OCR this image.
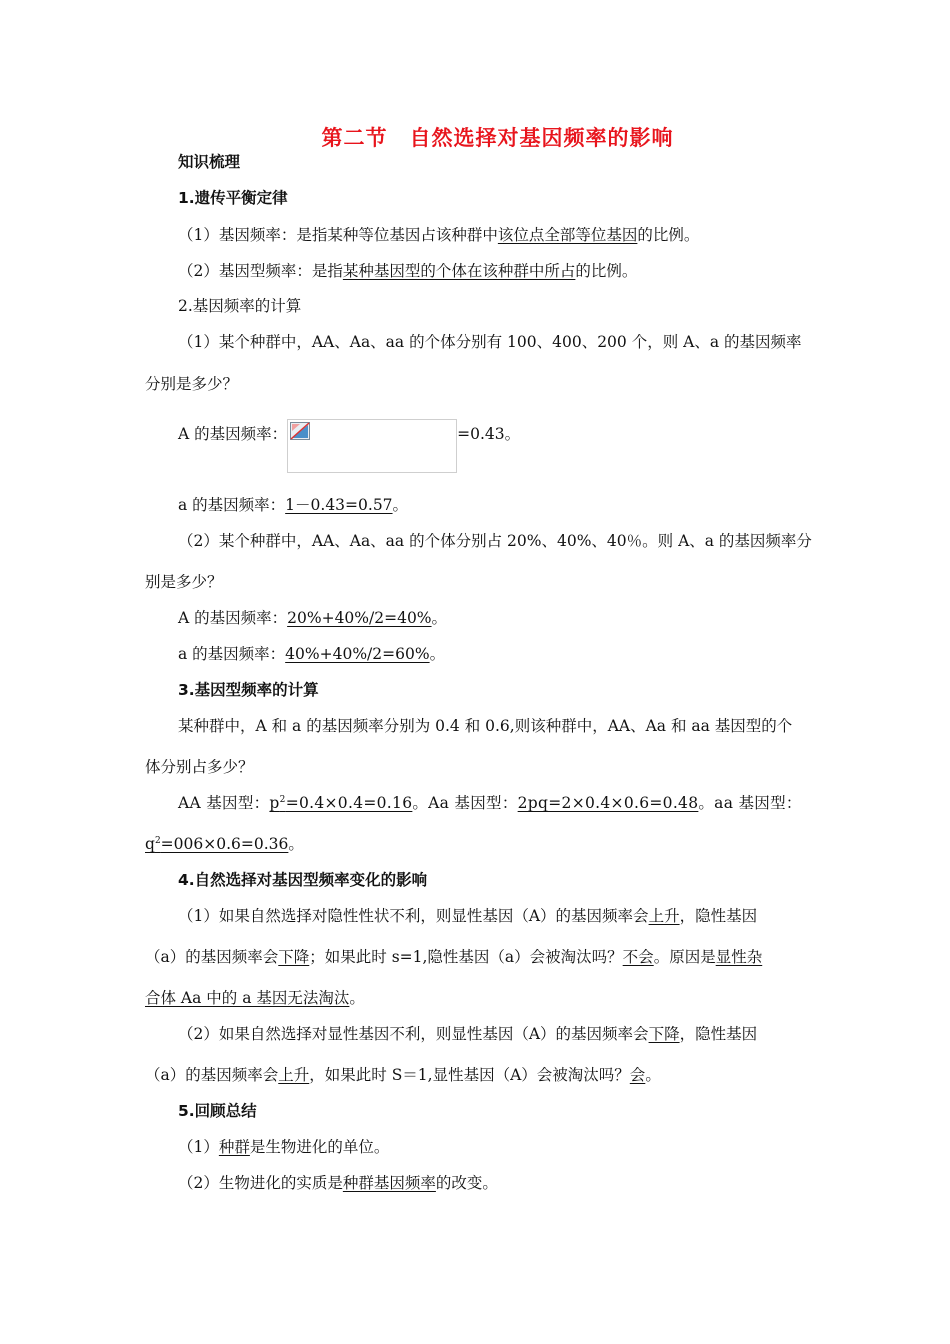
第二节　自然选择对基因频率的影响
知识梳理
1.遗传平衡定律
（1）基因频率：是指某种等位基因占该种群中该位点全部等位基因的比例。
（2）基因型频率：是指某种基因型的个体在该种群中所占的比例。
2.基因频率的计算
（1）某个种群中，AA、Aa、aa 的个体分别有 100、400、200 个，则 A、a 的基因频率
分别是多少？
A 的基因频率：	=0.43。
a 的基因频率：1－0.43=0.57。
（2）某个种群中，AA、Aa、aa 的个体分别占 20%、40%、40％。则 A、a 的基因频率分
别是多少？
A 的基因频率：20%+40%/2=40%。
a 的基因频率：40%+40%/2=60%。
3.基因型频率的计算
某种群中，A 和 a 的基因频率分别为 0.4 和 0.6,则该种群中，AA、Aa 和 aa 基因型的个
体分别占多少？
AA 基因型：$p^2=0.4\times 0.4=0.16$。Aa 基因型：2pq=2×0.4×0.6=0.48。aa 基因型：
$q^2=006\times 0.6=0.36$。
4.自然选择对基因型频率变化的影响
（1）如果自然选择对隐性性状不利，则显性基因（A）的基因频率会上升，隐性基因
（a）的基因频率会下降；如果此时 s=1,隐性基因（a）会被淘汰吗？不会。原因是显性杂
合体 Aa 中的 a 基因无法淘汰。
（2）如果自然选择对显性基因不利，则显性基因（A）的基因频率会下降，隐性基因
（a）的基因频率会上升，如果此时 S＝1,显性基因（A）会被淘汰吗？会。
5.回顾总结
（1）种群是生物进化的单位。
（2）生物进化的实质是种群基因频率的改变。
